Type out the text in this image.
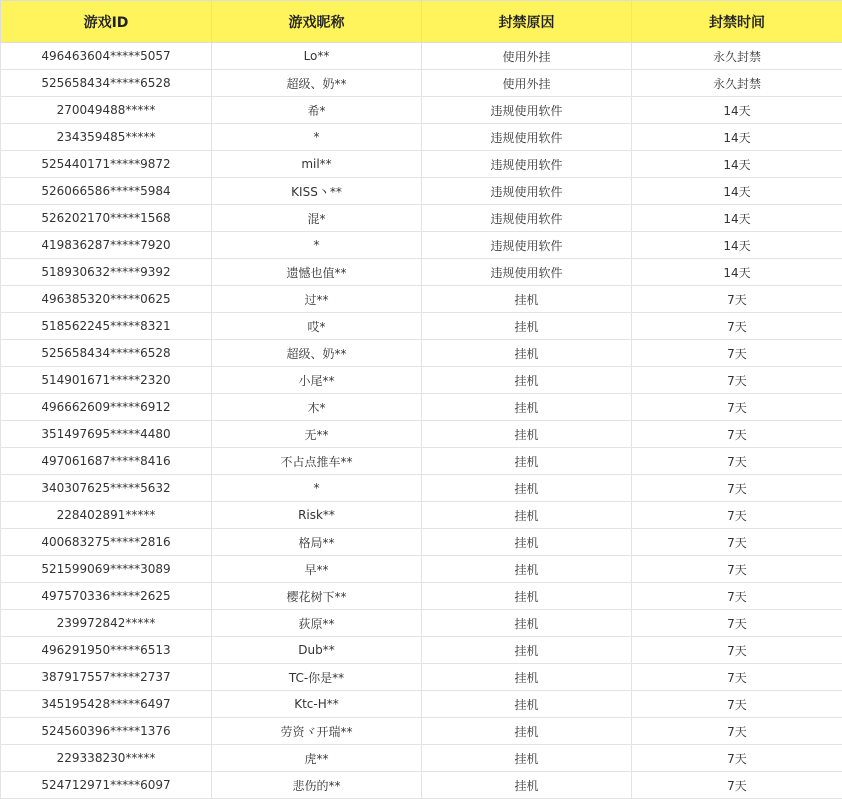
游戏ID	游戏昵称	封禁原因	封禁时间
496463604*****5057	Lo**	使用外挂	永久封禁
525658434*****6528	超级、奶**	使用外挂	永久封禁
270049488*****	希*	违规使用软件	14天
234359485*****	*	违规使用软件	14天
525440171*****9872	mil**	违规使用软件	14天
526066586*****5984	KISS丶**	违规使用软件	14天
526202170*****1568	混*	违规使用软件	14天
419836287*****7920	*	违规使用软件	14天
518930632*****9392	遗憾也值**	违规使用软件	14天
496385320*****0625	过**	挂机	7天
518562245*****8321	哎*	挂机	7天
525658434*****6528	超级、奶**	挂机	7天
514901671*****2320	小尾**	挂机	7天
496662609*****6912	木*	挂机	7天
351497695*****4480	无**	挂机	7天
497061687*****8416	不占点推车**	挂机	7天
340307625*****5632	*	挂机	7天
228402891*****	Risk**	挂机	7天
400683275*****2816	格局**	挂机	7天
521599069*****3089	早**	挂机	7天
497570336*****2625	樱花树下**	挂机	7天
239972842*****	荻原**	挂机	7天
496291950*****6513	Dub**	挂机	7天
387917557*****2737	TC-你是**	挂机	7天
345195428*****6497	Ktc-H**	挂机	7天
524560396*****1376	劳资ヾ开瑞**	挂机	7天
229338230*****	虎**	挂机	7天
524712971*****6097	悲伤的**	挂机	7天
